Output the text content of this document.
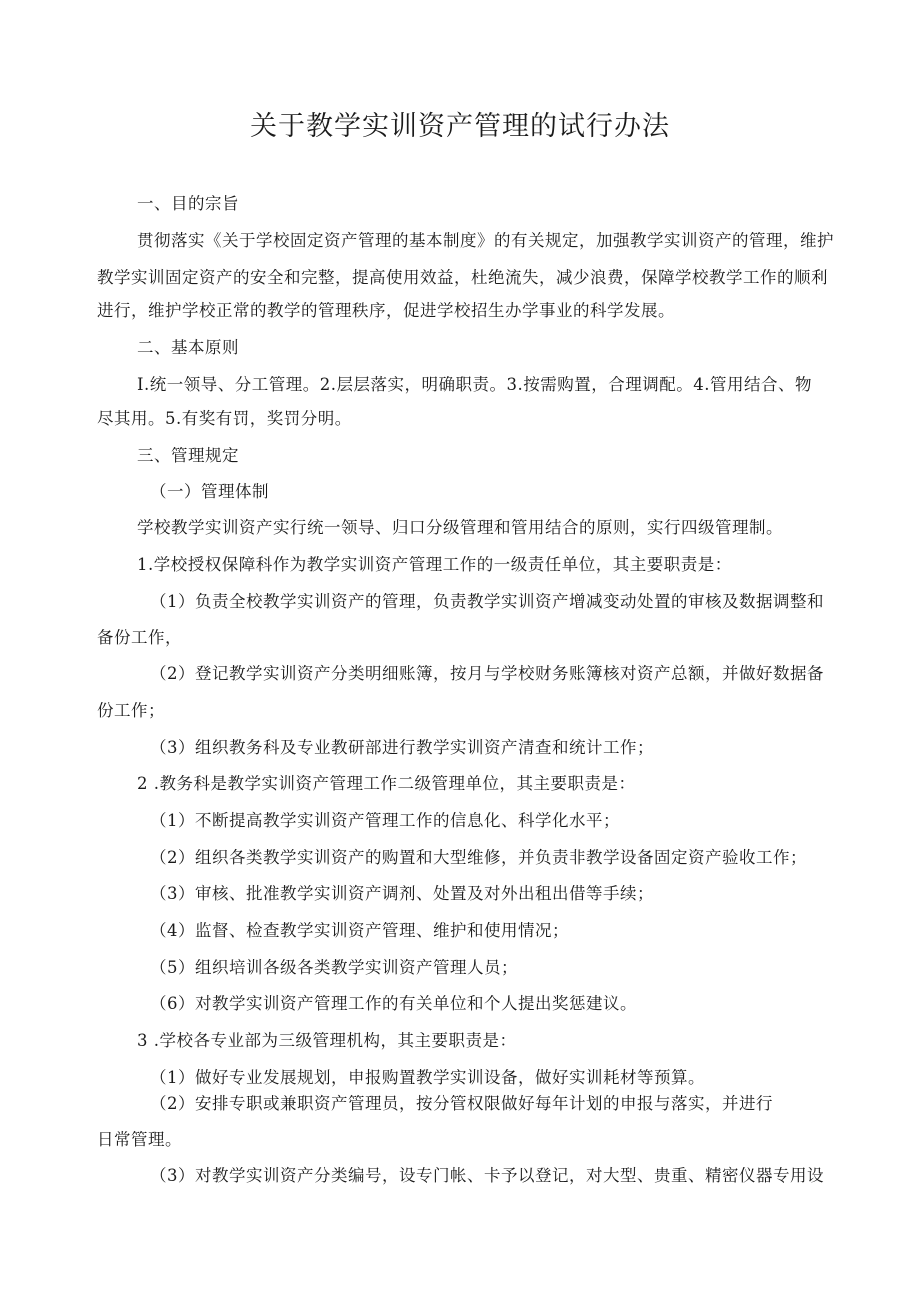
关于教学实训资产管理的试行办法
一、目的宗旨
贯彻落实《关于学校固定资产管理的基本制度》的有关规定，加强教学实训资产的管理，维护
教学实训固定资产的安全和完整，提高使用效益，杜绝流失，减少浪费，保障学校教学工作的顺利
进行，维护学校正常的教学的管理秩序，促进学校招生办学事业的科学发展。
二、基本原则
I.统一领导、分工管理。2.层层落实，明确职责。3.按需购置，合理调配。4.管用结合、物
尽其用。5.有奖有罚，奖罚分明。
三、管理规定
（一）管理体制
学校教学实训资产实行统一领导、归口分级管理和管用结合的原则，实行四级管理制。
1.学校授权保障科作为教学实训资产管理工作的一级责任单位，其主要职责是：
（1）负责全校教学实训资产的管理，负责教学实训资产增减变动处置的审核及数据调整和
备份工作，
（2）登记教学实训资产分类明细账簿，按月与学校财务账簿核对资产总额，并做好数据备
份工作；
（3）组织教务科及专业教研部进行教学实训资产清查和统计工作；
2 .教务科是教学实训资产管理工作二级管理单位，其主要职责是：
（1）不断提高教学实训资产管理工作的信息化、科学化水平；
（2）组织各类教学实训资产的购置和大型维修，并负责非教学设备固定资产验收工作；
（3）审核、批准教学实训资产调剂、处置及对外出租出借等手续；
（4）监督、检查教学实训资产管理、维护和使用情况；
（5）组织培训各级各类教学实训资产管理人员；
（6）对教学实训资产管理工作的有关单位和个人提出奖惩建议。
3 .学校各专业部为三级管理机构，其主要职责是：
（1）做好专业发展规划，申报购置教学实训设备，做好实训耗材等预算。
（2）安排专职或兼职资产管理员，按分管权限做好每年计划的申报与落实，并进行
日常管理。
（3）对教学实训资产分类编号，设专门帐、卡予以登记，对大型、贵重、精密仪器专用设
